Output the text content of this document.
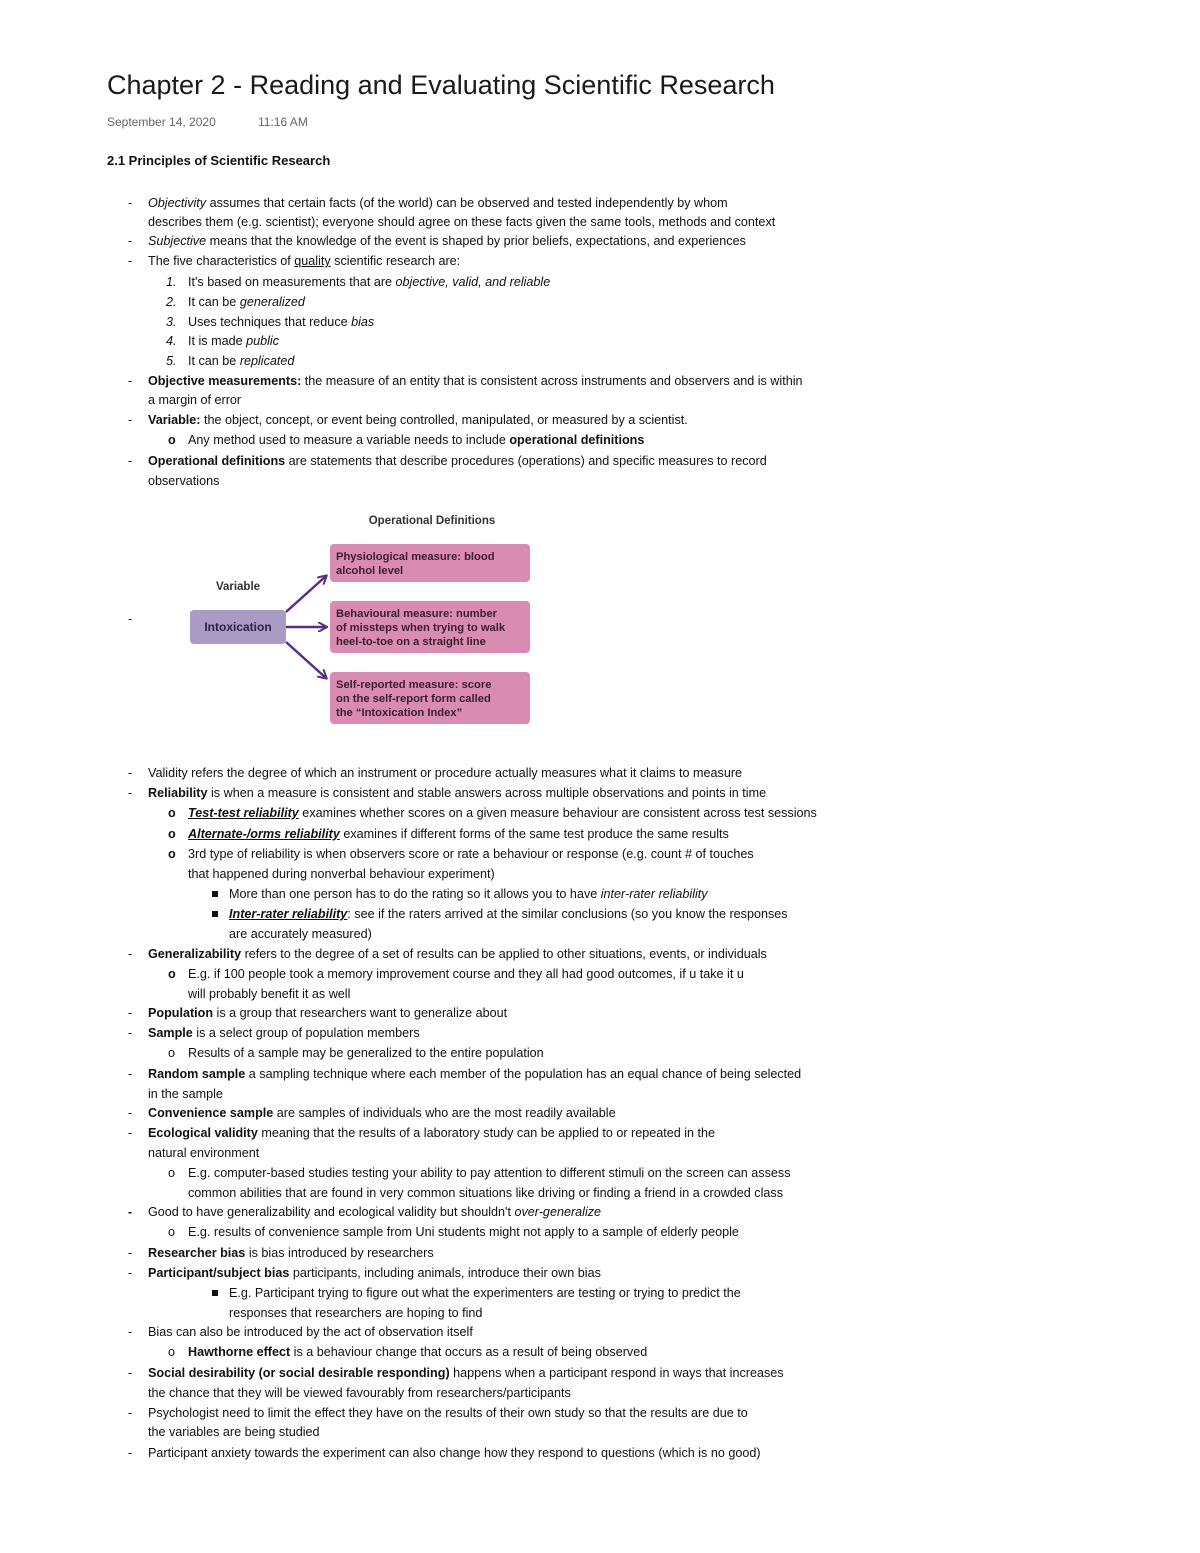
Chapter 2 - Reading and Evaluating Scientific Research
September 14, 2020	11:16 AM
2.1 Principles of Scientific Research
- Objectivity assumes that certain facts (of the world) can be observed and tested independently by whom
describes them (e.g. scientist); everyone should agree on these facts given the same tools, methods and context
- Subjective means that the knowledge of the event is shaped by prior beliefs, expectations, and experiences
- The five characteristics of quality scientific research are:
1. It's based on measurements that are objective, valid, and reliable
2. It can be generalized
3. Uses techniques that reduce bias
4. It is made public
5. It can be replicated
- Objective measurements: the measure of an entity that is consistent across instruments and observers and is within
a margin of error
- Variable: the object, concept, or event being controlled, manipulated, or measured by a scientist.
o Any method used to measure a variable needs to include operational definitions
- Operational definitions are statements that describe procedures (operations) and specific measures to record
observations
-
Operational Definitions
Variable
Intoxication
Physiological measure: blood
alcohol level
Behavioural measure: number
of missteps when trying to walk
heel-to-toe on a straight line
Self-reported measure: score
on the self-report form called
the “Intoxication Index”
- Validity refers the degree of which an instrument or procedure actually measures what it claims to measure
- Reliability is when a measure is consistent and stable answers across multiple observations and points in time
o Test-test reliability examines whether scores on a given measure behaviour are consistent across test sessions
o Alternate-/orms reliability examines if different forms of the same test produce the same results
o 3rd type of reliability is when observers score or rate a behaviour or response (e.g. count # of touches
that happened during nonverbal behaviour experiment)
More than one person has to do the rating so it allows you to have inter-rater reliability
Inter-rater reliability: see if the raters arrived at the similar conclusions (so you know the responses
are accurately measured)
- Generalizability refers to the degree of a set of results can be applied to other situations, events, or individuals
o E.g. if 100 people took a memory improvement course and they all had good outcomes, if u take it u
will probably benefit it as well
- Population is a group that researchers want to generalize about
- Sample is a select group of population members
o Results of a sample may be generalized to the entire population
- Random sample a sampling technique where each member of the population has an equal chance of being selected
in the sample
- Convenience sample are samples of individuals who are the most readily available
- Ecological validity meaning that the results of a laboratory study can be applied to or repeated in the
natural environment
o E.g. computer-based studies testing your ability to pay attention to different stimuli on the screen can assess
common abilities that are found in very common situations like driving or finding a friend in a crowded class
- Good to have generalizability and ecological validity but shouldn't over-generalize
o E.g. results of convenience sample from Uni students might not apply to a sample of elderly people
- Researcher bias is bias introduced by researchers
- Participant/subject bias participants, including animals, introduce their own bias
E.g. Participant trying to figure out what the experimenters are testing or trying to predict the
responses that researchers are hoping to find
- Bias can also be introduced by the act of observation itself
o Hawthorne effect is a behaviour change that occurs as a result of being observed
- Social desirability (or social desirable responding) happens when a participant respond in ways that increases
the chance that they will be viewed favourably from researchers/participants
- Psychologist need to limit the effect they have on the results of their own study so that the results are due to
the variables are being studied
- Participant anxiety towards the experiment can also change how they respond to questions (which is no good)
